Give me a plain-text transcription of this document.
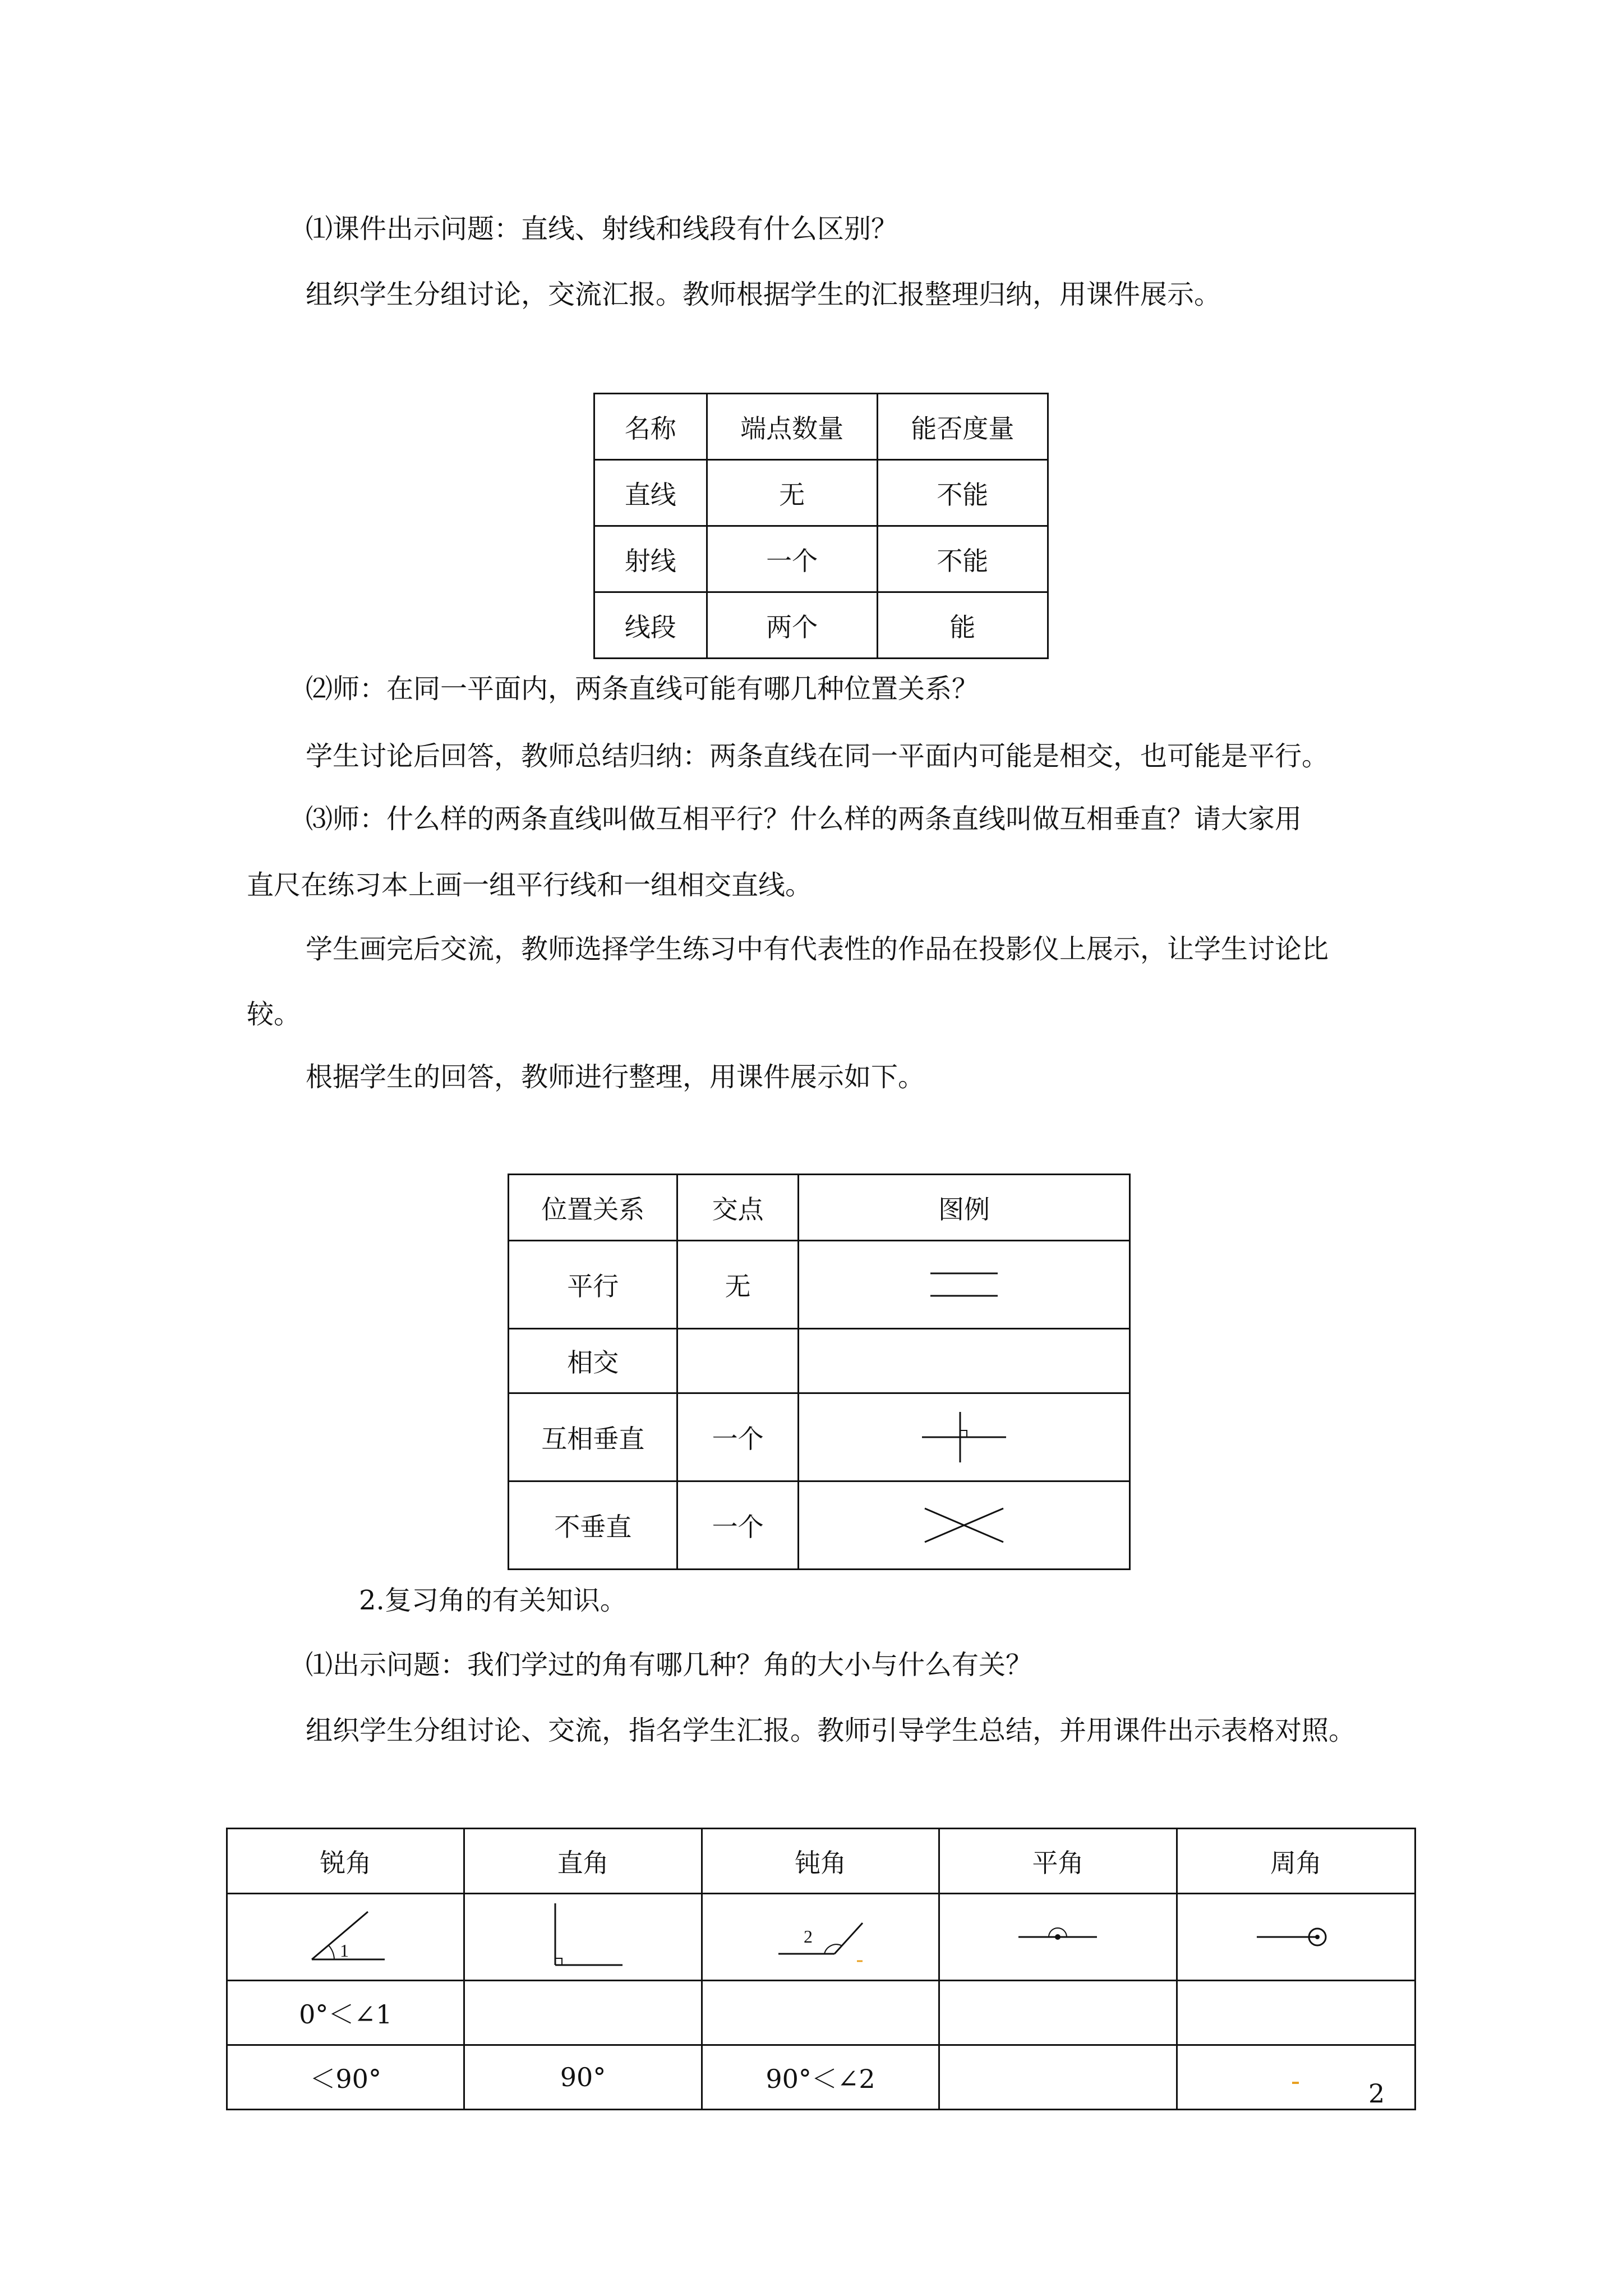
⑴课件出示问题：直线、射线和线段有什么区别？

组织学生分组讨论，交流汇报。教师根据学生的汇报整理归纳，用课件展示。

名称	端点数量	能否度量
直线	无	不能
射线	一个	不能
线段	两个	能

⑵师：在同一平面内，两条直线可能有哪几种位置关系？

学生讨论后回答，教师总结归纳：两条直线在同一平面内可能是相交，也可能是平行。

⑶师：什么样的两条直线叫做互相平行？什么样的两条直线叫做互相垂直？请大家用

直尺在练习本上画一组平行线和一组相交直线。

学生画完后交流，教师选择学生练习中有代表性的作品在投影仪上展示，让学生讨论比

较。

根据学生的回答，教师进行整理，用课件展示如下。

位置关系	交点	图例
平行	无	

相交		
互相垂直	一个	

不垂直	一个	

2.复习角的有关知识。

⑴出示问题：我们学过的角有哪几种？角的大小与什么有关？

组织学生分组讨论、交流，指名学生汇报。教师引导学生总结，并用课件出示表格对照。

锐角	直角	钝角	平角	周角

1		2

0°＜∠1				
＜90°	90°	90°＜∠2			2
